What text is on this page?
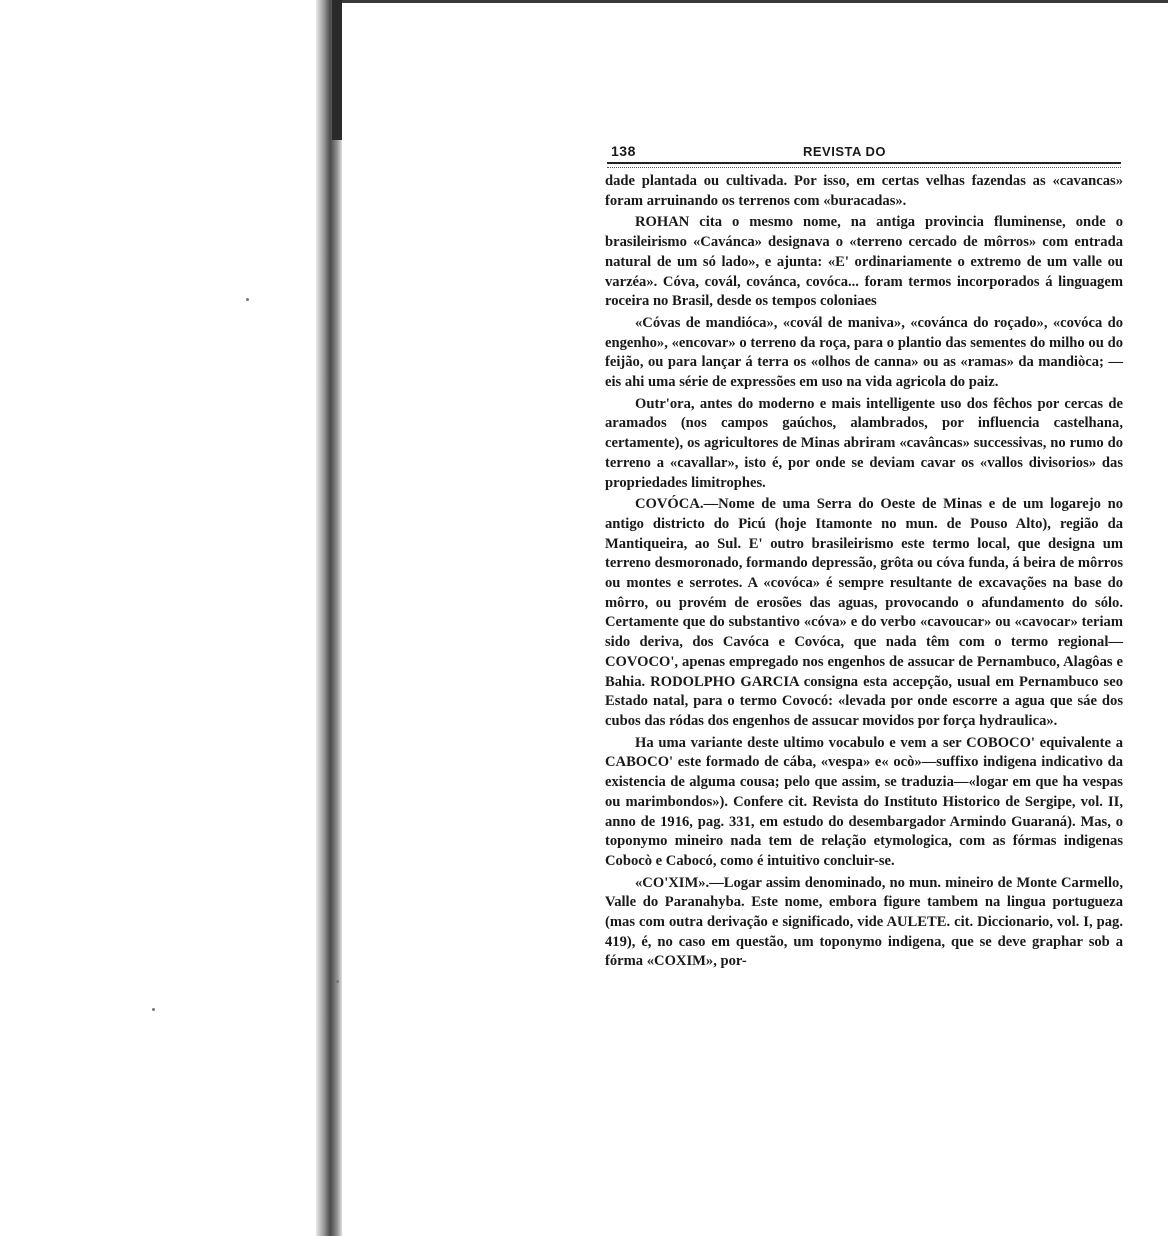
138	REVISTA DO

dade plantada ou cultivada. Por isso, em certas velhas fazendas as «cavancas» foram arruinando os terrenos com «buracadas».

ROHAN cita o mesmo nome, na antiga provincia fluminense, onde o brasileirismo «Cavánca» designava o «terreno cercado de môrros» com entrada natural de um só lado», e ajunta: «E' ordinariamente o extremo de um valle ou varzéa». Cóva, covál, covánca, covóca... foram termos incorporados á linguagem roceira no Brasil, desde os tempos coloniaes

«Cóvas de mandióca», «covál de maniva», «covánca do roçado», «covóca do engenho», «encovar» o terreno da roça, para o plantio das sementes do milho ou do feijão, ou para lançar á terra os «olhos de canna» ou as «ramas» da mandiòca; — eis ahi uma série de expressões em uso na vida agricola do paiz.

Outr'ora, antes do moderno e mais intelligente uso dos fêchos por cercas de aramados (nos campos gaúchos, alambrados, por influencia castelhana, certamente), os agricultores de Minas abriram «cavâncas» successivas, no rumo do terreno a «cavallar», isto é, por onde se deviam cavar os «vallos divisorios» das propriedades limitrophes.

COVÓCA.—Nome de uma Serra do Oeste de Minas e de um logarejo no antigo districto do Picú (hoje Itamonte no mun. de Pouso Alto), região da Mantiqueira, ao Sul. E' outro brasileirismo este termo local, que designa um terreno desmoronado, formando depressão, grôta ou cóva funda, á beira de môrros ou montes e serrotes. A «covóca» é sempre resultante de excavações na base do môrro, ou provém de erosões das aguas, provocando o afundamento do sólo. Certamente que do substantivo «cóva» e do verbo «cavoucar» ou «cavocar» teriam sido deriva, dos Cavóca e Covóca, que nada têm com o termo regional—COVOCO', apenas empregado nos engenhos de assucar de Pernambuco, Alagôas e Bahia. RODOLPHO GARCIA consigna esta accepção, usual em Pernambuco seo Estado natal, para o termo Covocó: «levada por onde escorre a agua que sáe dos cubos das ródas dos engenhos de assucar movidos por força hydraulica».

Ha uma variante deste ultimo vocabulo e vem a ser COBOCO' equivalente a CABOCO' este formado de cába, «vespa» e« ocò»—suffixo indigena indicativo da existencia de alguma cousa; pelo que assim, se traduzia—«logar em que ha vespas ou marimbondos»). Confere cit. Revista do Instituto Historico de Sergipe, vol. II, anno de 1916, pag. 331, em estudo do desembargador Armindo Guaraná). Mas, o toponymo mineiro nada tem de relação etymologica, com as fórmas indigenas Cobocò e Cabocó, como é intuitivo concluir-se.

«CO'XIM».—Logar assim denominado, no mun. mineiro de Monte Carmello, Valle do Paranahyba. Este nome, embora figure tambem na lingua portugueza (mas com outra derivação e significado, vide AULETE. cit. Diccionario, vol. I, pag. 419), é, no caso em questão, um toponymo indigena, que se deve graphar sob a fórma «COXIM», por-
